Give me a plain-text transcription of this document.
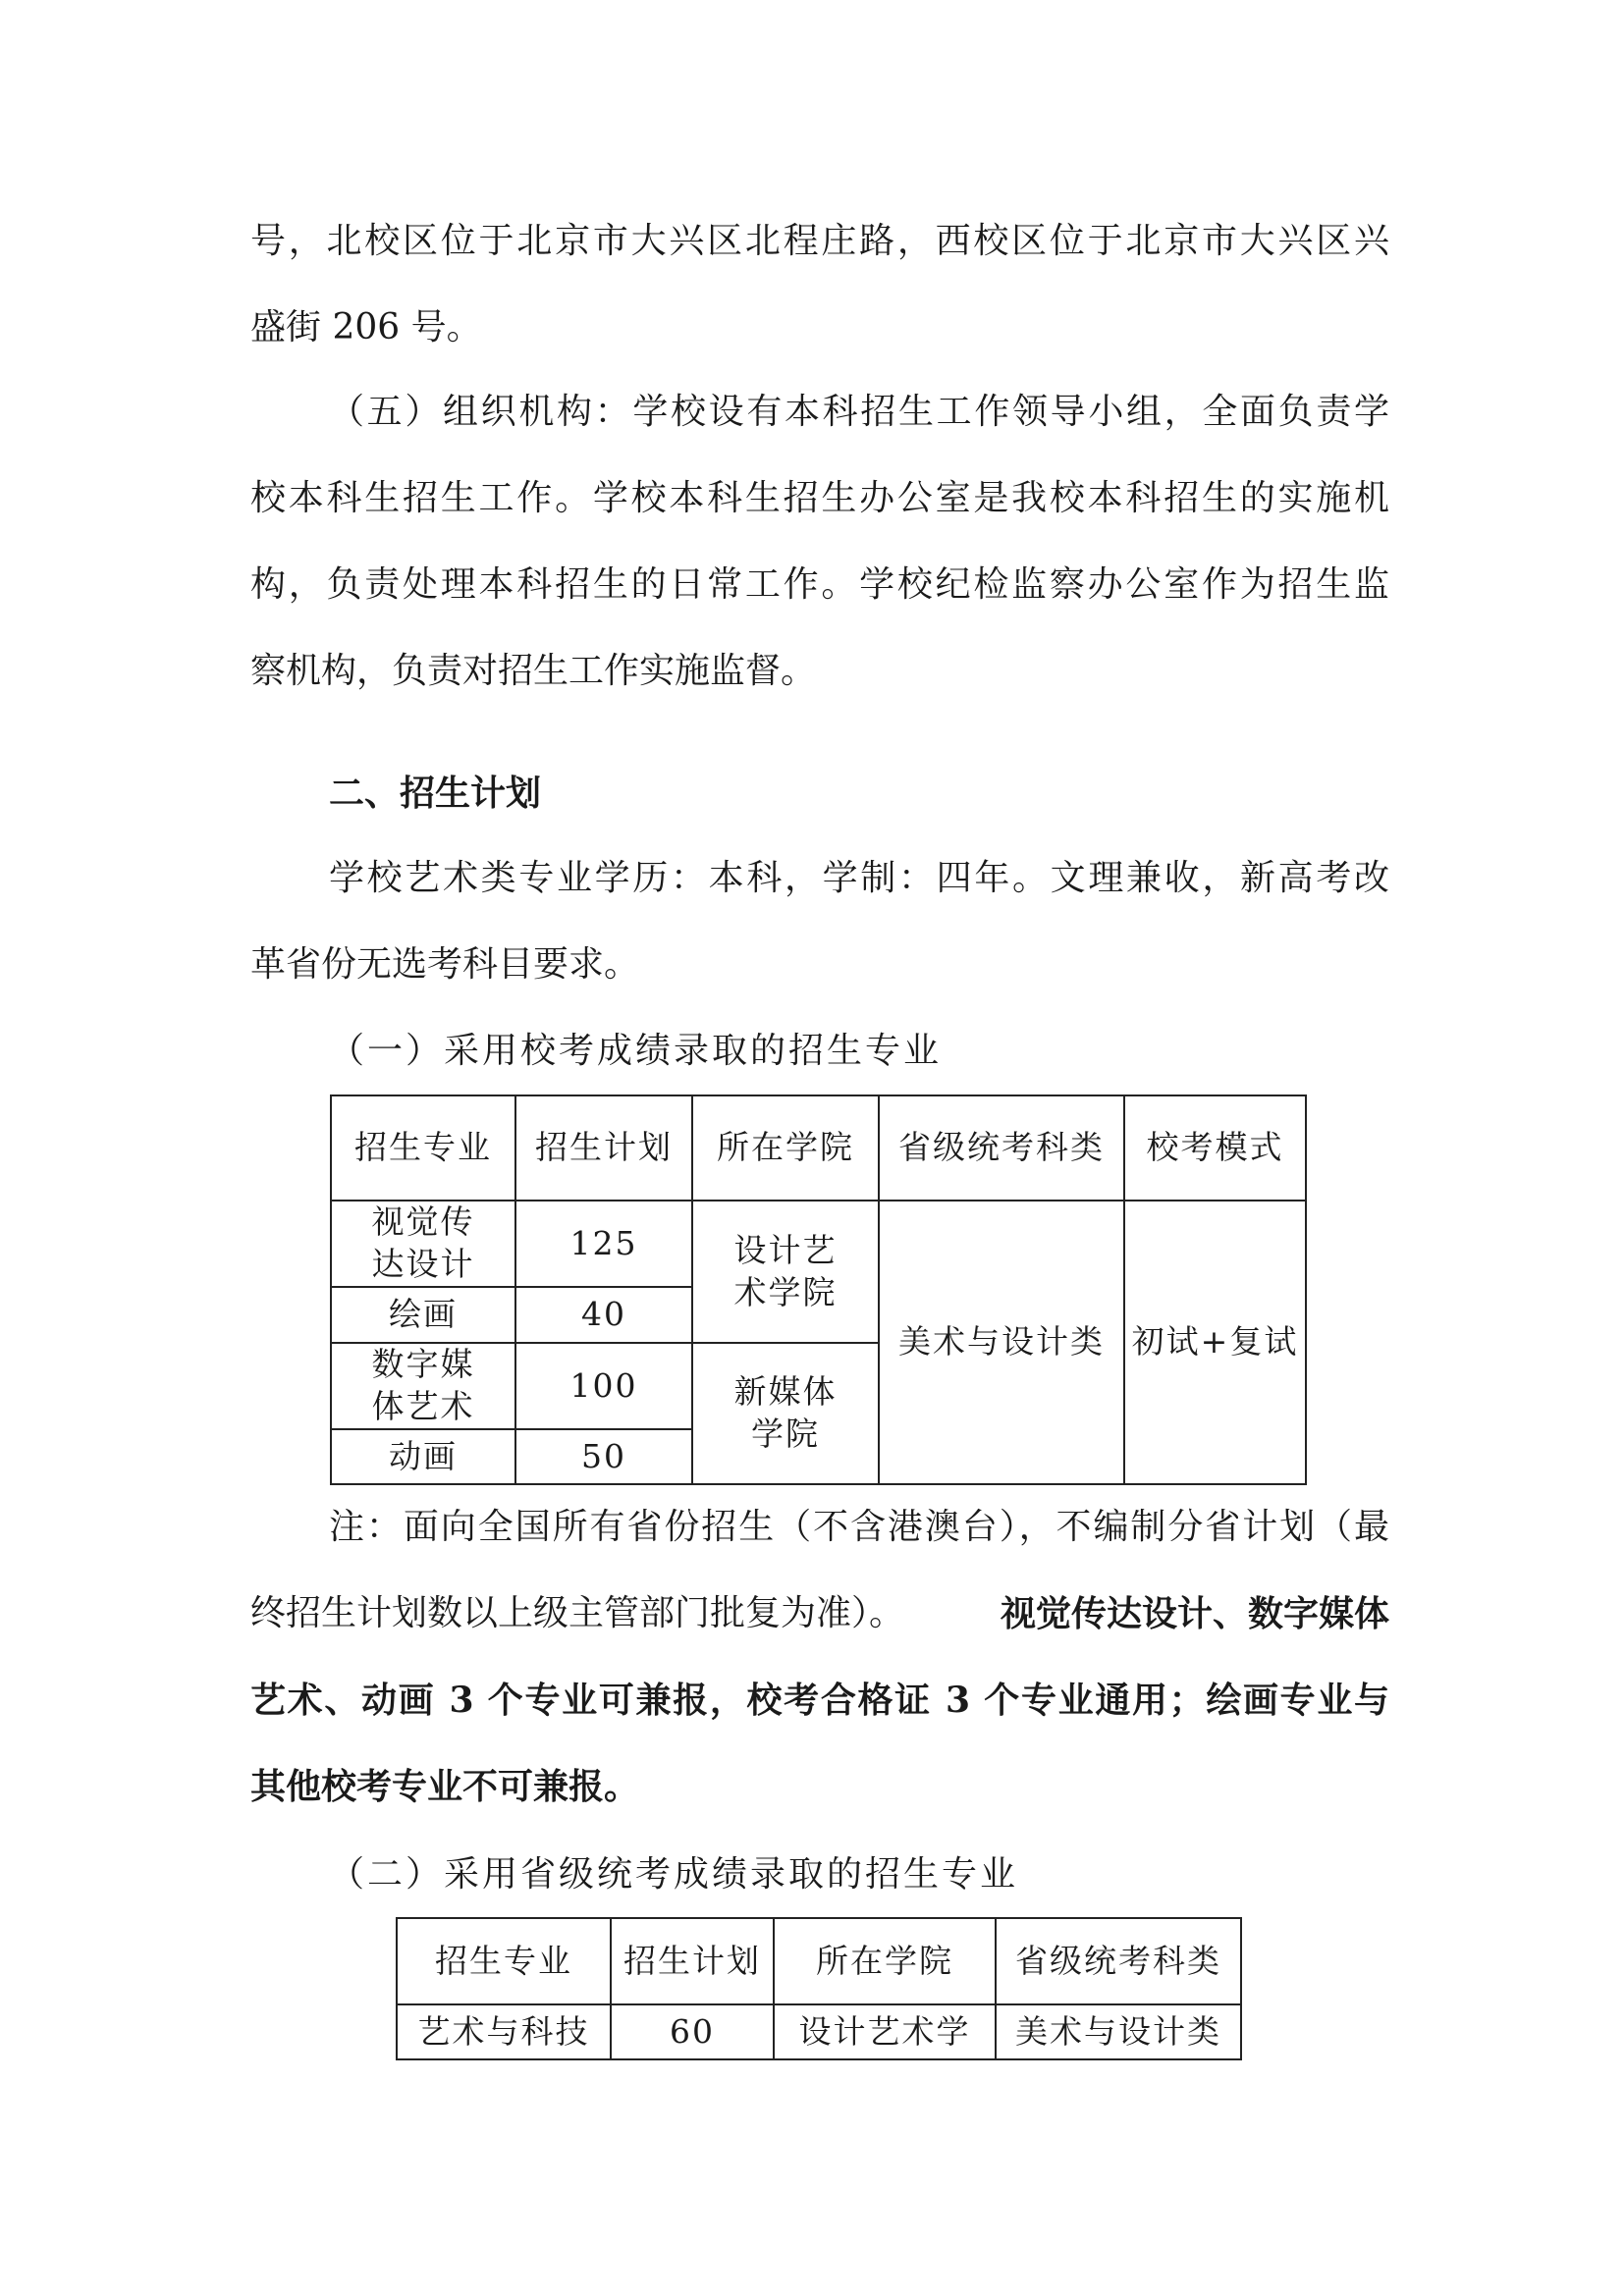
号，北校区位于北京市大兴区北程庄路，西校区位于北京市大兴区兴
盛街 206 号。
（五）组织机构：学校设有本科招生工作领导小组，全面负责学
校本科生招生工作。学校本科生招生办公室是我校本科招生的实施机
构，负责处理本科招生的日常工作。学校纪检监察办公室作为招生监
察机构，负责对招生工作实施监督。
二、招生计划
学校艺术类专业学历：本科，学制：四年。文理兼收，新高考改
革省份无选考科目要求。
（一）采用校考成绩录取的招生专业
招生专业	招生计划	所在学院	省级统考科类	校考模式
视觉传达设计	125	设计艺术学院	美术与设计类	初试+复试
绘画	40			
数字媒体艺术	100	新媒体学院		
动画	50			
注：面向全国所有省份招生（不含港澳台），不编制分省计划（最
终招生计划数以上级主管部门批复为准）。	视觉传达设计、数字媒体
艺术、动画 3 个专业可兼报，校考合格证 3 个专业通用；绘画专业与
其他校考专业不可兼报。
（二）采用省级统考成绩录取的招生专业
招生专业	招生计划	所在学院	省级统考科类
艺术与科技	60	设计艺术学	美术与设计类
